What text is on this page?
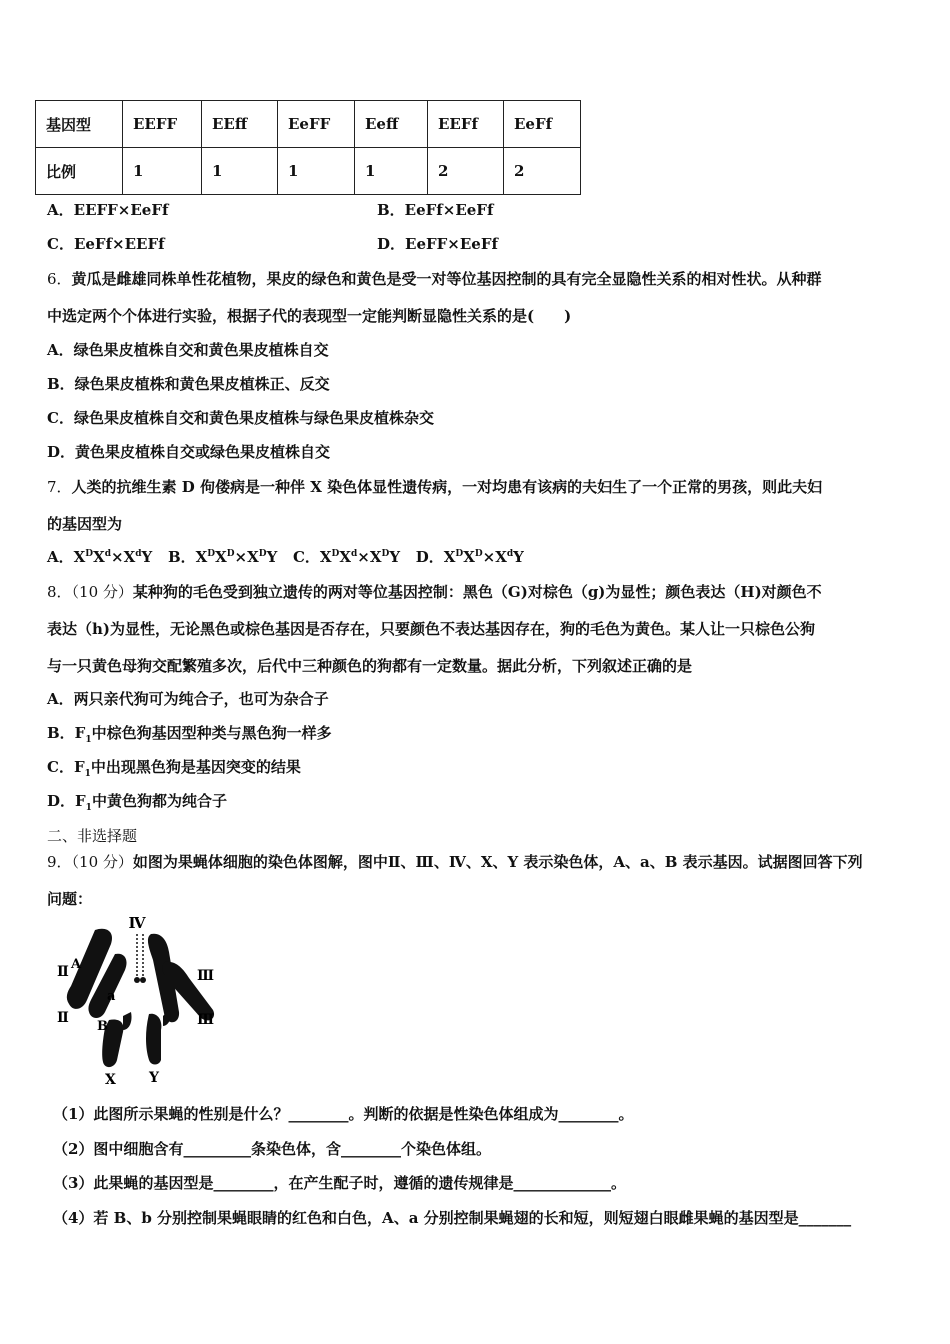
基因型	EEFF	EEff	EeFF	Eeff	EEFf	EeFf
比例	1	1	1	1	2	2
A．EEFF×EeFf	B．EeFf×EeFf
C．EeFf×EEFf	D．EeFF×EeFf
6．黄瓜是雌雄同株单性花植物，果皮的绿色和黄色是受一对等位基因控制的具有完全显隐性关系的相对性状。从种群
中选定两个个体进行实验，根据子代的表现型一定能判断显隐性关系的是(　　)
A．绿色果皮植株自交和黄色果皮植株自交
B．绿色果皮植株和黄色果皮植株正、反交
C．绿色果皮植株自交和黄色果皮植株与绿色果皮植株杂交
D．黄色果皮植株自交或绿色果皮植株自交
7．人类的抗维生素 D 佝偻病是一种伴 X 染色体显性遗传病，一对均患有该病的夫妇生了一个正常的男孩，则此夫妇
的基因型为
A．$X^DX^d\times X^dY$ B．$X^DX^D\times X^DY$ C．$X^DX^d\times X^DY$ D．$X^DX^D\times X^dY$
8．（10 分）某种狗的毛色受到独立遗传的两对等位基因控制：黑色（G)对棕色（g)为显性；颜色表达（H)对颜色不
表达（h)为显性，无论黑色或棕色基因是否存在，只要颜色不表达基因存在，狗的毛色为黄色。某人让一只棕色公狗
与一只黄色母狗交配繁殖多次，后代中三种颜色的狗都有一定数量。据此分析，下列叙述正确的是
A．两只亲代狗可为纯合子，也可为杂合子
B．$F_1$中棕色狗基因型种类与黑色狗一样多
C．$F_1$中出现黑色狗是基因突变的结果
D．$F_1$中黄色狗都为纯合子
二、非选择题
9．（10 分）如图为果蝇体细胞的染色体图解，图中Ⅱ、Ⅲ、Ⅳ、X、Y 表示染色体，A、a、B 表示基因。试据图回答下列
问题：
Ⅳ
Ⅱ A
a
Ⅱ
B
Ⅲ
Ⅲ
X Y
（1）此图所示果蝇的性别是什么？________。判断的依据是性染色体组成为________。
（2）图中细胞含有_________条染色体，含________个染色体组。
（3）此果蝇的基因型是________，在产生配子时，遵循的遗传规律是_____________。
（4）若 B、b 分别控制果蝇眼睛的红色和白色，A、a 分别控制果蝇翅的长和短，则短翅白眼雌果蝇的基因型是_______
